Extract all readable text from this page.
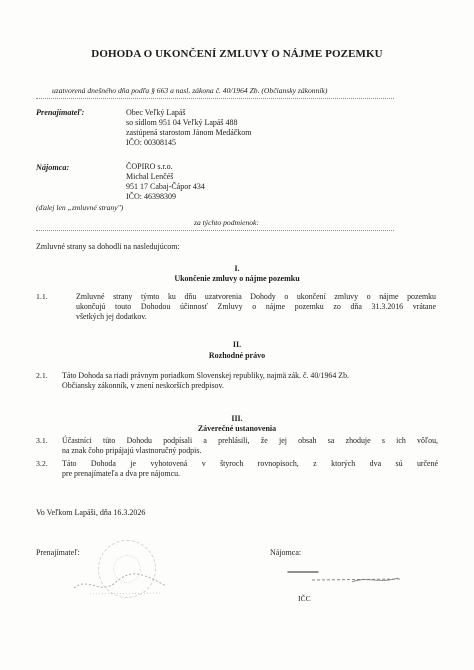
DOHODA O UKONČENÍ ZMLUVY O NÁJME POZEMKU
uzatvorená dnešného dňa podľa § 663 a nasl. zákona č. 40/1964 Zb. (Občiansky zákonník)
Prenajímateľ:	Obec Veľký Lapáš
so sídlom 951 04 Veľký Lapáš 488
zastúpená starostom Jánom Medáčkom
IČO: 00308145
Nájomca:	ČOPIRO s.r.o.
Michal Lenčéš
951 17 Cabaj-Čápor 434
IČO: 46398309
(ďalej len „zmluvné strany")
za týchto podmienok:
Zmluvné strany sa dohodli na nasledujúcom:
I.
Ukončenie zmluvy o nájme pozemku
1.1.	Zmluvné strany týmto ku dňu uzatvorenia Dohody o ukončení zmluvy o nájme pozemku
ukončujú touto Dohodou účinnosť Zmluvy o nájme pozemku zo dňa 31.3.2016 vrátane
všetkých jej dodatkov.
II.
Rozhodné právo
2.1. Táto Dohoda sa riadi právnym poriadkom Slovenskej republiky, najmä zák. č. 40/1964 Zb.
Občiansky zákonník, v znení neskorších predpisov.
III.
Záverečné ustanovenia
3.1. Účastníci tüto Dohodu podpísali a prehlásili, že jej obsah sa zhoduje s ich vôľou,
na znak čoho pripájajú vlastnoručný podpis.
3.2. Táto Dohoda je vyhotovená v štyroch rovnopisoch, z ktorých dva sú určené
pre prenajímateľa a dva pre nájomcu.
Vo Veľkom Lapáši, dňa 16.3.2026
Prenajímateľ:	Nájomca:
IČC
